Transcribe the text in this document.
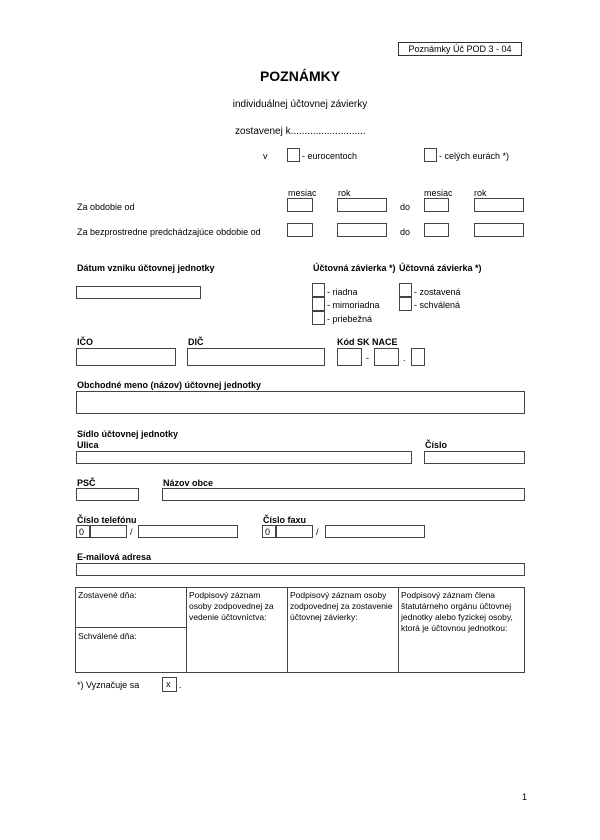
Poznámky Úč POD 3 - 04
POZNÁMKY
individuálnej účtovnej závierky
zostavenej k...........................
v	- eurocentoch	- celých eurách *)
mesiac rok	mesiac rok
Za obdobie od	do
Za bezprostredne predchádzajúce obdobie od	do
Dátum vzniku účtovnej jednotky	Účtovná závierka *)
- riadna
- mimoriadna
- priebežná
Účtovná závierka *)
- zostavená
- schválená
IČO	DIČ	Kód SK NACE
-	.
Obchodné meno (názov) účtovnej jednotky
Sídlo účtovnej jednotky
Ulica	Číslo
PSČ	Názov obce
Číslo telefónu
0	/
Číslo faxu
0	/
E-mailová adresa
Zostavené dňa:
Schválené dňa:
Podpisový záznam osoby zodpovednej za vedenie účtovníctva:
Podpisový záznam osoby zodpovednej za zostavenie účtovnej závierky:
Podpisový záznam člena štatutárneho orgánu účtovnej jednotky alebo fyzickej osoby, ktorá je účtovnou jednotkou:
*) Vyznačuje sa	x .
1
